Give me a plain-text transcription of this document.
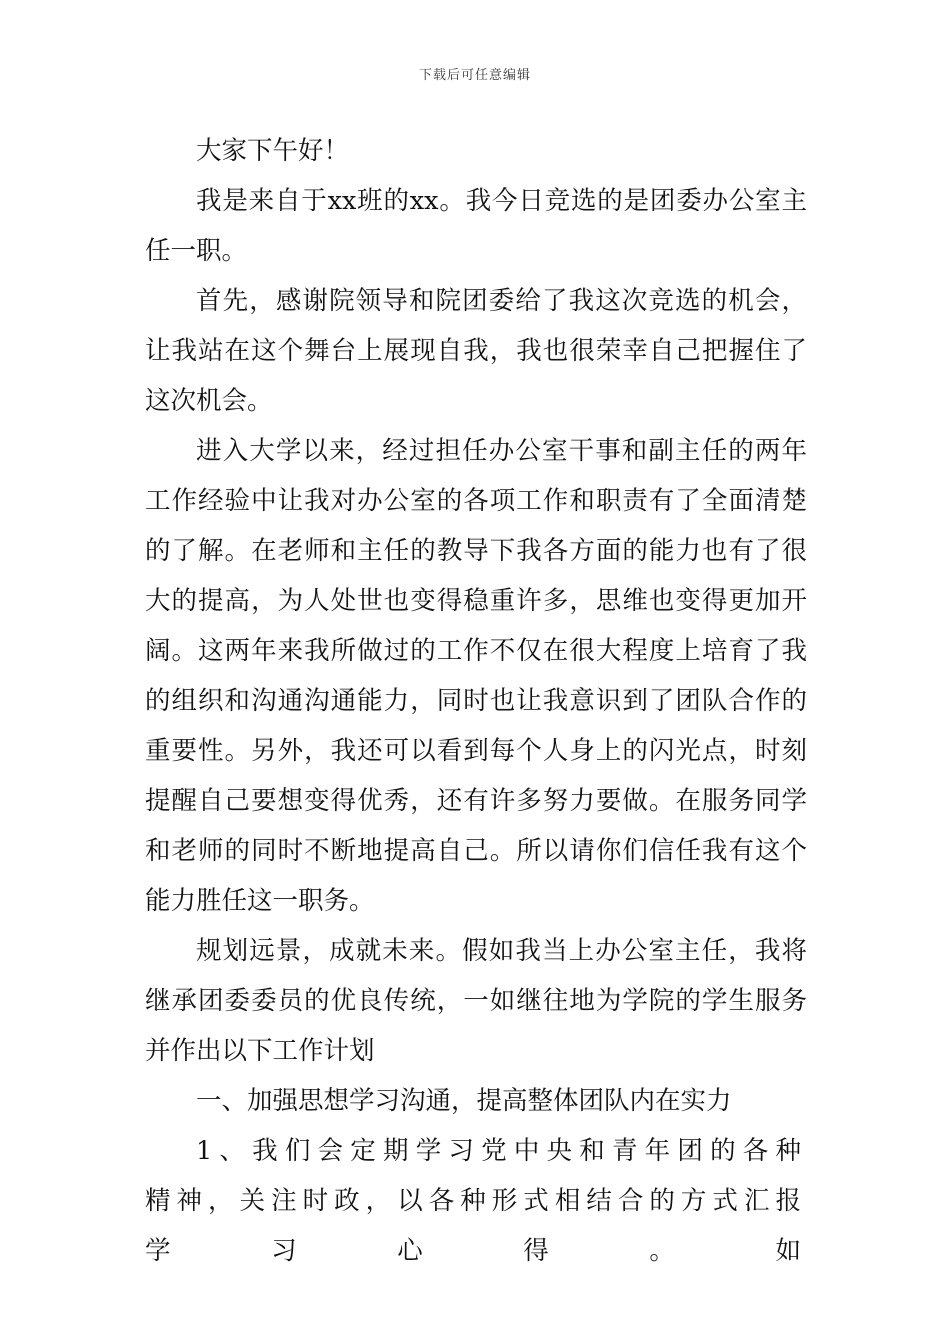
下载后可任意编辑

大家下午好！

我是来自于xx班的xx。我今日竞选的是团委办公室主任一职。

首先，感谢院领导和院团委给了我这次竞选的机会，让我站在这个舞台上展现自我，我也很荣幸自己把握住了这次机会。

进入大学以来，经过担任办公室干事和副主任的两年工作经验中让我对办公室的各项工作和职责有了全面清楚的了解。在老师和主任的教导下我各方面的能力也有了很大的提高，为人处世也变得稳重许多，思维也变得更加开阔。这两年来我所做过的工作不仅在很大程度上培育了我的组织和沟通沟通能力，同时也让我意识到了团队合作的重要性。另外，我还可以看到每个人身上的闪光点，时刻提醒自己要想变得优秀，还有许多努力要做。在服务同学和老师的同时不断地提高自己。所以请你们信任我有这个能力胜任这一职务。

规划远景，成就未来。假如我当上办公室主任，我将继承团委委员的优良传统，一如继往地为学院的学生服务并作出以下工作计划

一、加强思想学习沟通，提高整体团队内在实力

1、我们会定期学习党中央和青年团的各种精神，关注时政，以各种形式相结合的方式汇报学习心得。如
